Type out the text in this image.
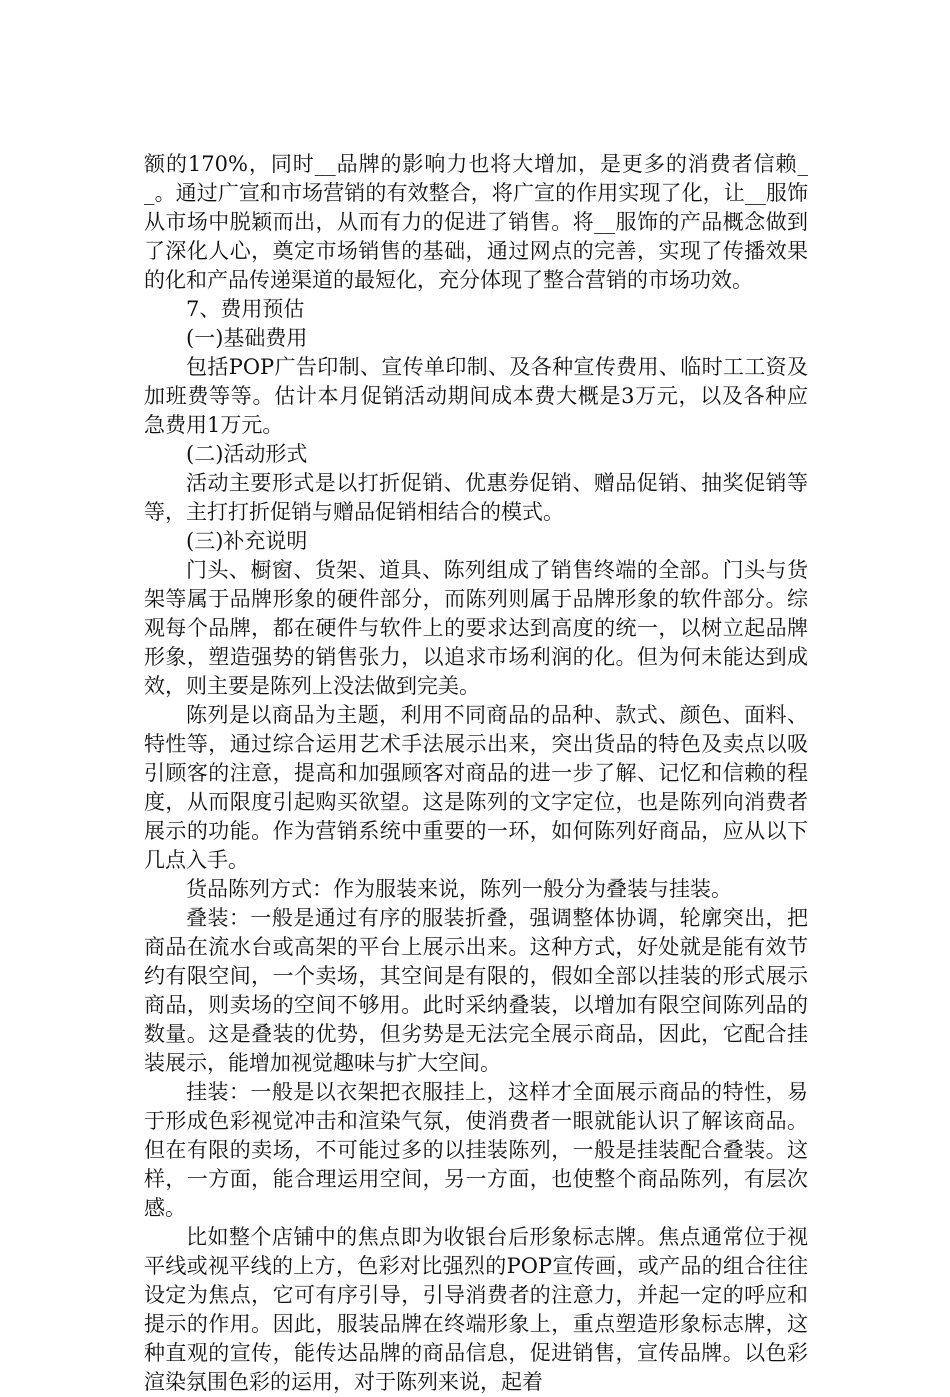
额的170%，同时__品牌的影响力也将大增加，是更多的消费者信赖__。通过广宣和市场营销的有效整合，将广宣的作用实现了化，让__服饰从市场中脱颖而出，从而有力的促进了销售。将__服饰的产品概念做到了深化人心，奠定市场销售的基础，通过网点的完善，实现了传播效果的化和产品传递渠道的最短化，充分体现了整合营销的市场功效。

7、费用预估

(一)基础费用

包括POP广告印制、宣传单印制、及各种宣传费用、临时工工资及加班费等等。估计本月促销活动期间成本费大概是3万元，以及各种应急费用1万元。

(二)活动形式

活动主要形式是以打折促销、优惠券促销、赠品促销、抽奖促销等等，主打打折促销与赠品促销相结合的模式。

(三)补充说明

门头、橱窗、货架、道具、陈列组成了销售终端的全部。门头与货架等属于品牌形象的硬件部分，而陈列则属于品牌形象的软件部分。综观每个品牌，都在硬件与软件上的要求达到高度的统一，以树立起品牌形象，塑造强势的销售张力，以追求市场利润的化。但为何未能达到成效，则主要是陈列上没法做到完美。

陈列是以商品为主题，利用不同商品的品种、款式、颜色、面料、特性等，通过综合运用艺术手法展示出来，突出货品的特色及卖点以吸引顾客的注意，提高和加强顾客对商品的进一步了解、记忆和信赖的程度，从而限度引起购买欲望。这是陈列的文字定位，也是陈列向消费者展示的功能。作为营销系统中重要的一环，如何陈列好商品，应从以下几点入手。

货品陈列方式：作为服装来说，陈列一般分为叠装与挂装。

叠装：一般是通过有序的服装折叠，强调整体协调，轮廓突出，把商品在流水台或高架的平台上展示出来。这种方式，好处就是能有效节约有限空间，一个卖场，其空间是有限的，假如全部以挂装的形式展示商品，则卖场的空间不够用。此时采纳叠装，以增加有限空间陈列品的数量。这是叠装的优势，但劣势是无法完全展示商品，因此，它配合挂装展示，能增加视觉趣味与扩大空间。

挂装：一般是以衣架把衣服挂上，这样才全面展示商品的特性，易于形成色彩视觉冲击和渲染气氛，使消费者一眼就能认识了解该商品。但在有限的卖场，不可能过多的以挂装陈列，一般是挂装配合叠装。这样，一方面，能合理运用空间，另一方面，也使整个商品陈列，有层次感。

比如整个店铺中的焦点即为收银台后形象标志牌。焦点通常位于视平线或视平线的上方，色彩对比强烈的POP宣传画，或产品的组合往往设定为焦点，它可有序引导，引导消费者的注意力，并起一定的呼应和提示的作用。因此，服装品牌在终端形象上，重点塑造形象标志牌，这种直观的宣传，能传达品牌的商品信息，促进销售，宣传品牌。以色彩渲染氛围色彩的运用，对于陈列来说，起着
